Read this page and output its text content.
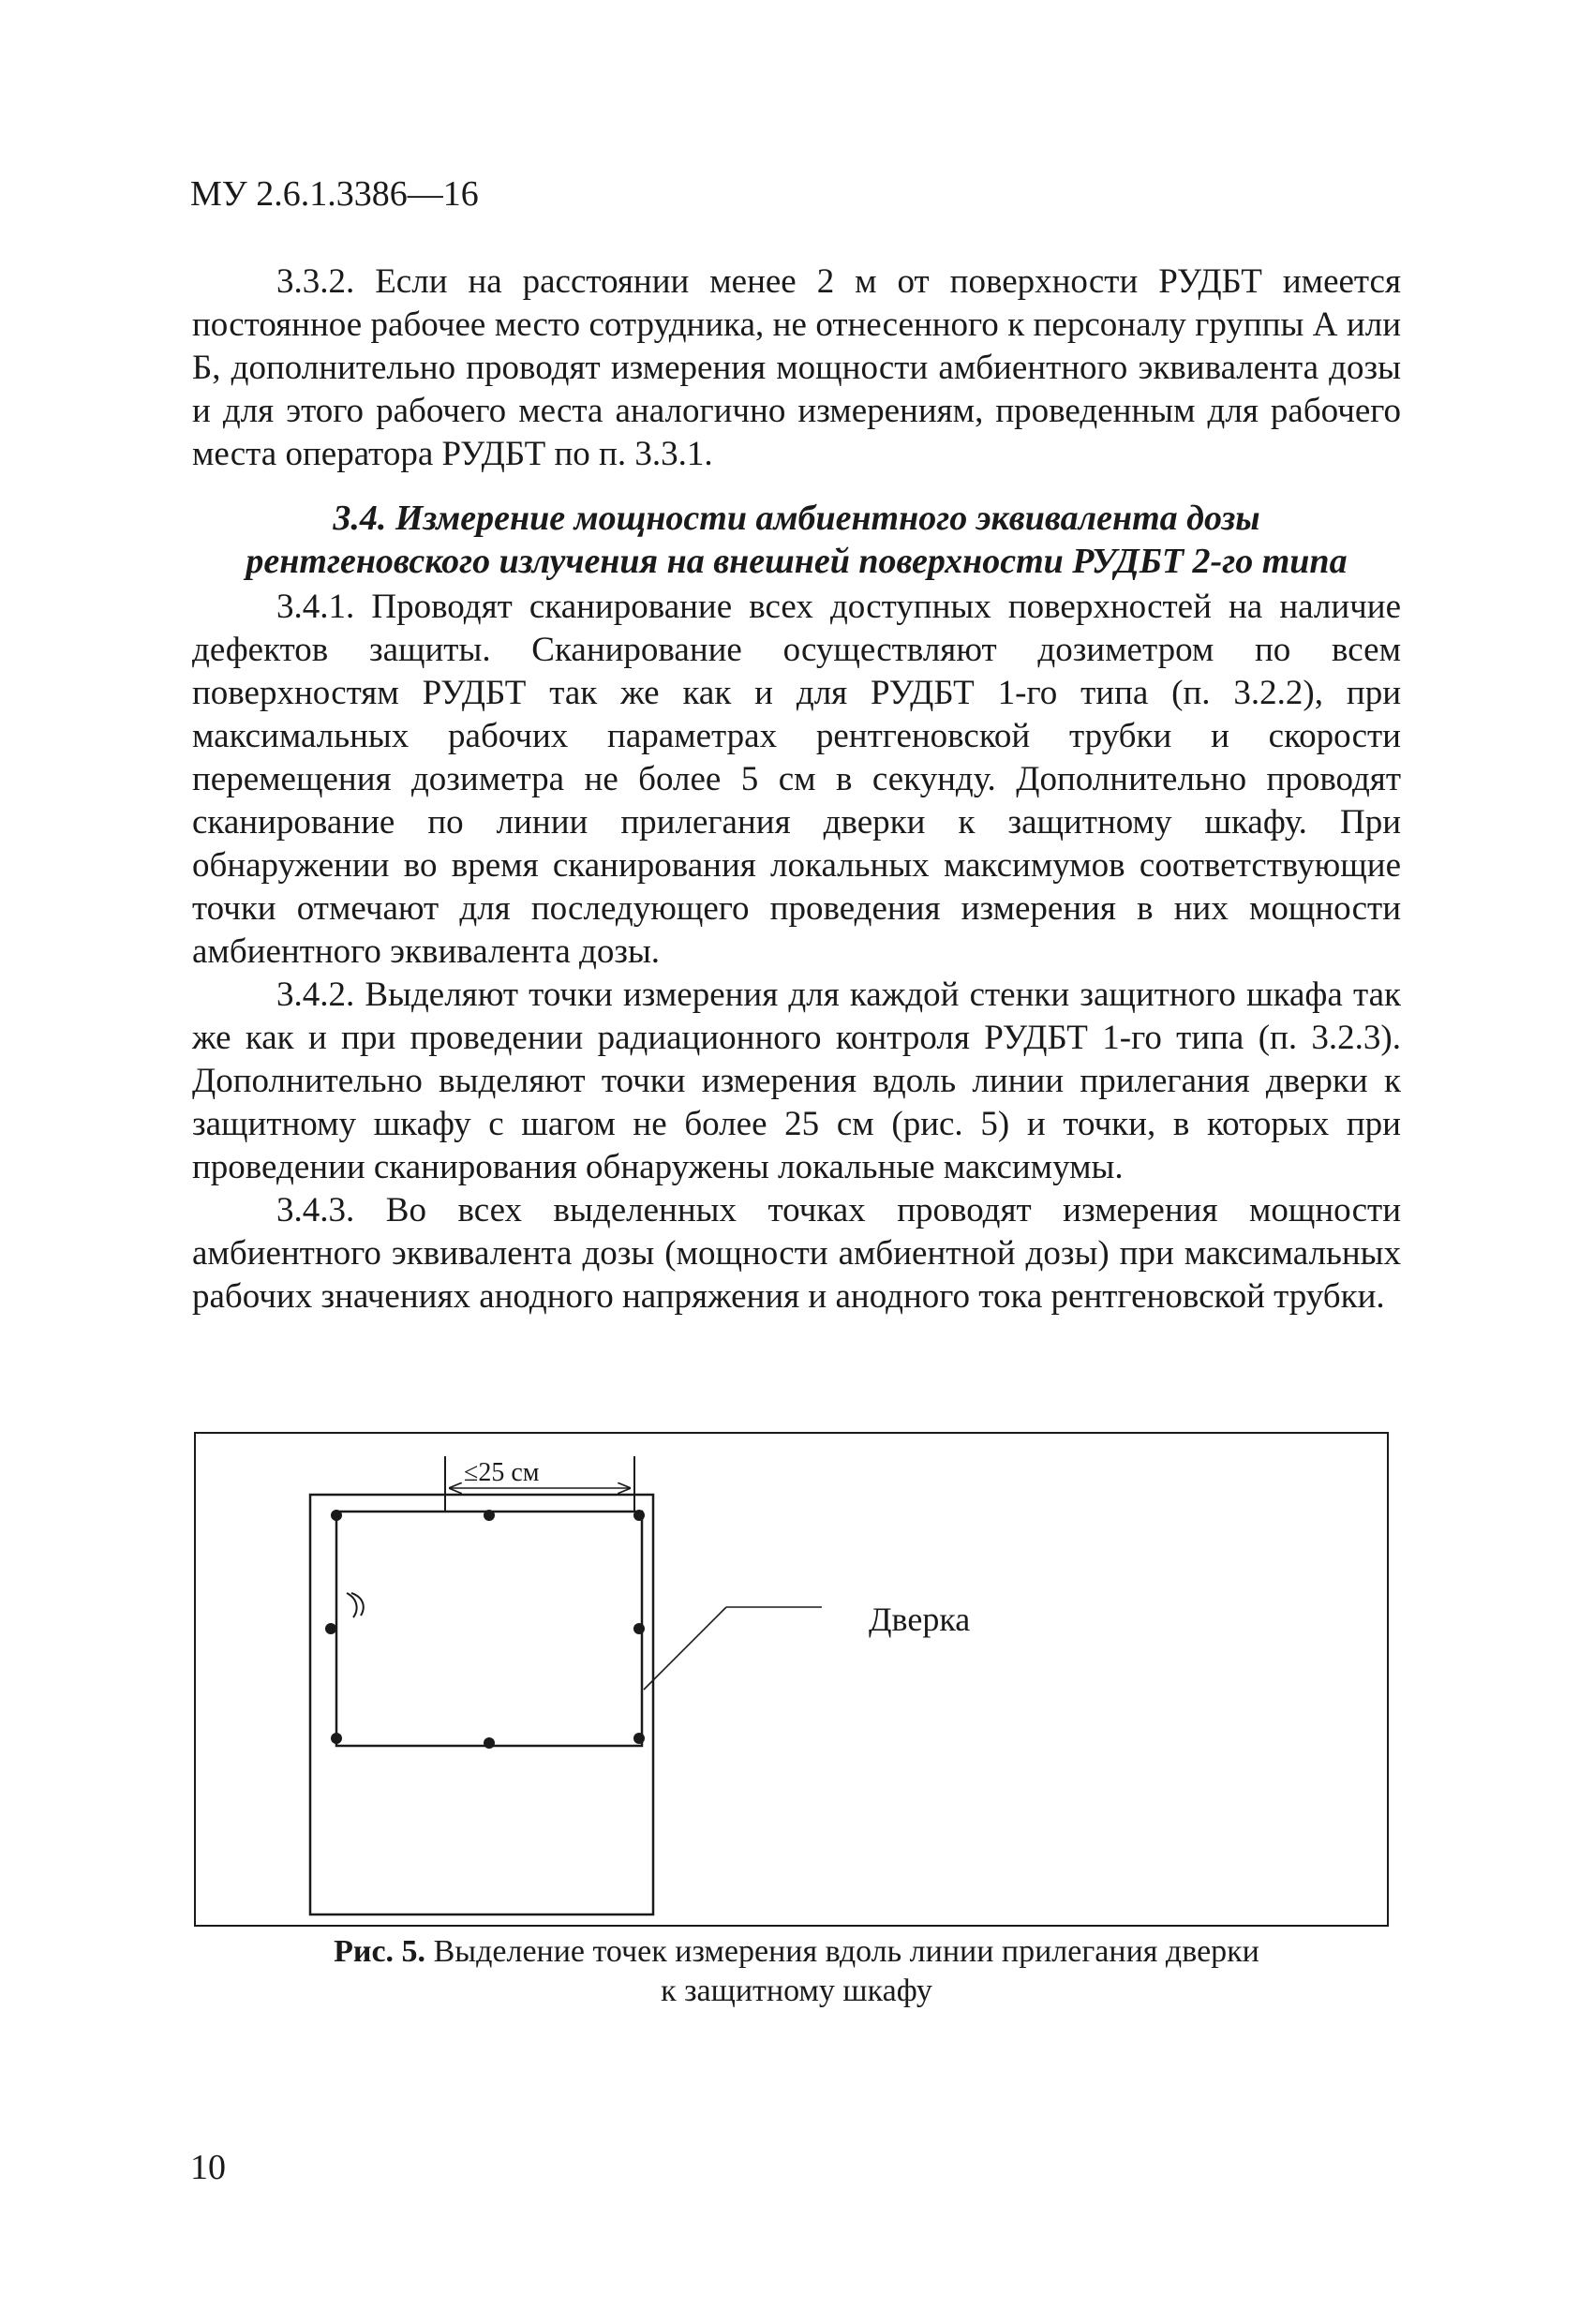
МУ 2.6.1.3386—16

3.3.2. Если на расстоянии менее 2 м от поверхности РУДБТ имеется постоянное рабочее место сотрудника, не отнесенного к персоналу группы А или Б, дополнительно проводят измерения мощности амбиентного эквивалента дозы и для этого рабочего места аналогично измерениям, проведенным для рабочего места оператора РУДБТ по п. 3.3.1.

3.4. Измерение мощности амбиентного эквивалента дозы
рентгеновского излучения на внешней поверхности РУДБТ 2-го типа

3.4.1. Проводят сканирование всех доступных поверхностей на наличие дефектов защиты. Сканирование осуществляют дозиметром по всем поверхностям РУДБТ так же как и для РУДБТ 1-го типа (п. 3.2.2), при максимальных рабочих параметрах рентгеновской трубки и скорости перемещения дозиметра не более 5 см в секунду. Дополнительно проводят сканирование по линии прилегания дверки к защитному шкафу. При обнаружении во время сканирования локальных максимумов соответствующие точки отмечают для последующего проведения измерения в них мощности амбиентного эквивалента дозы.

3.4.2. Выделяют точки измерения для каждой стенки защитного шкафа так же как и при проведении радиационного контроля РУДБТ 1-го типа (п. 3.2.3). Дополнительно выделяют точки измерения вдоль линии прилегания дверки к защитному шкафу с шагом не более 25 см (рис. 5) и точки, в которых при проведении сканирования обнаружены локальные максимумы.

3.4.3. Во всех выделенных точках проводят измерения мощности амбиентного эквивалента дозы (мощности амбиентной дозы) при максимальных рабочих значениях анодного напряжения и анодного тока рентгеновской трубки.

≤25 см
Дверка
Рис. 5. Выделение точек измерения вдоль линии прилегания дверки
к защитному шкафу
10
